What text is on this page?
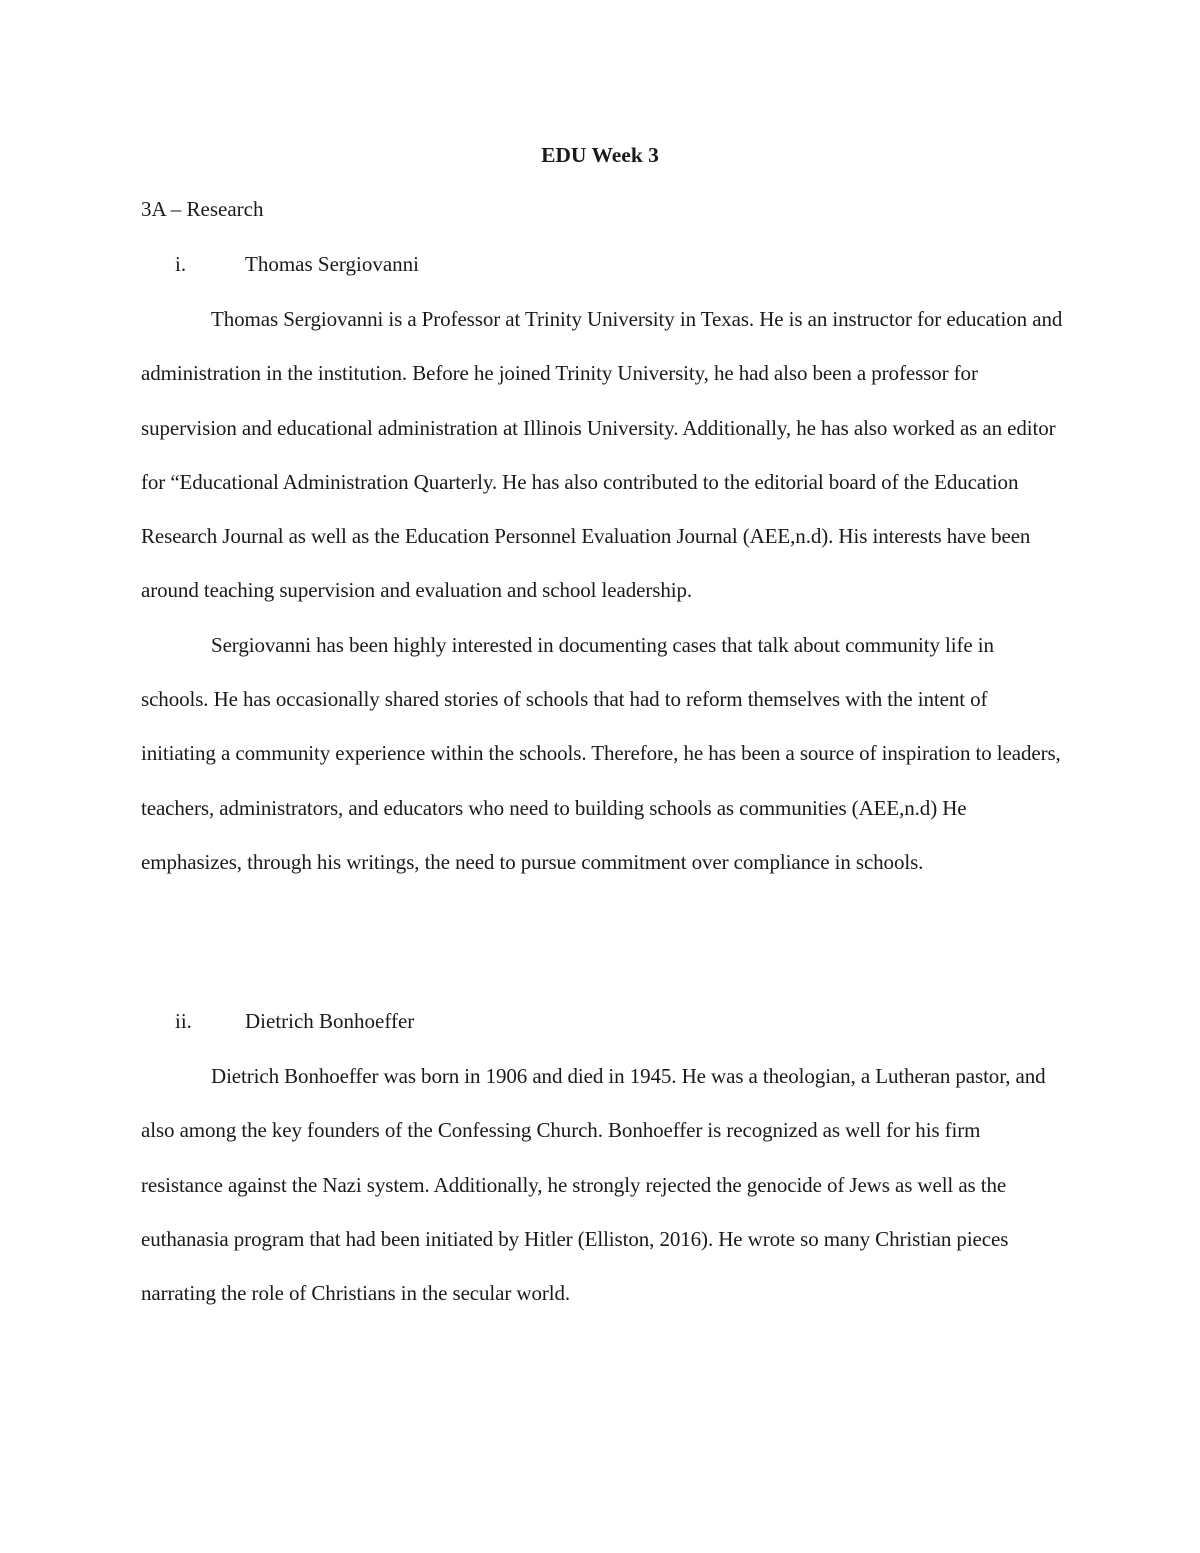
EDU Week 3
3A – Research
i.	Thomas Sergiovanni

Thomas Sergiovanni is a Professor at Trinity University in Texas. He is an instructor for education and administration in the institution. Before he joined Trinity University, he had also been a professor for supervision and educational administration at Illinois University. Additionally, he has also worked as an editor for “Educational Administration Quarterly. He has also contributed to the editorial board of the Education Research Journal as well as the Education Personnel Evaluation Journal (AEE,n.d). His interests have been around teaching supervision and evaluation and school leadership.

Sergiovanni has been highly interested in documenting cases that talk about community life in schools. He has occasionally shared stories of schools that had to reform themselves with the intent of initiating a community experience within the schools. Therefore, he has been a source of inspiration to leaders, teachers, administrators, and educators who need to building schools as communities (AEE,n.d) He emphasizes, through his writings, the need to pursue commitment over compliance in schools.

ii.	Dietrich Bonhoeffer

Dietrich Bonhoeffer was born in 1906 and died in 1945. He was a theologian, a Lutheran pastor, and also among the key founders of the Confessing Church. Bonhoeffer is recognized as well for his firm resistance against the Nazi system. Additionally, he strongly rejected the genocide of Jews as well as the euthanasia program that had been initiated by Hitler (Elliston, 2016). He wrote so many Christian pieces narrating the role of Christians in the secular world.
